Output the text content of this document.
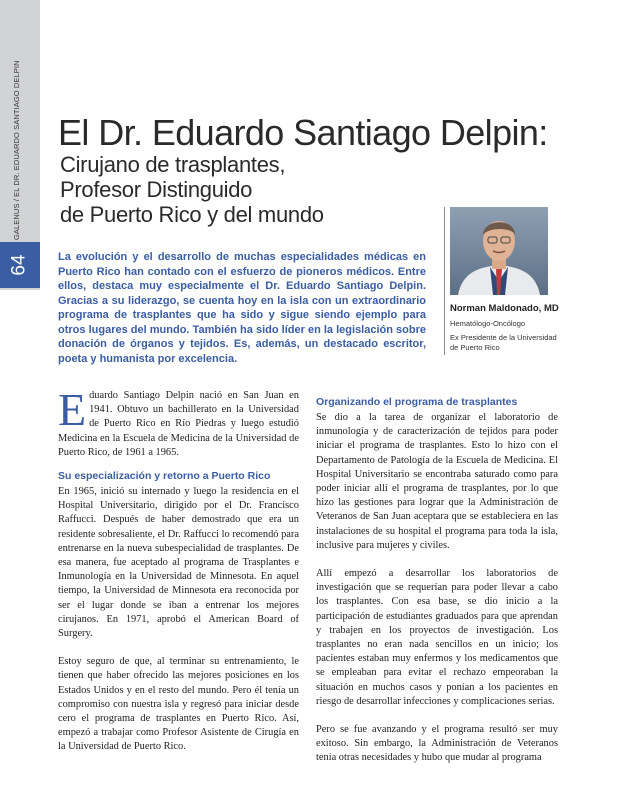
GALENUS / EL DR. EDUARDO SANTIAGO DELPIN
64
El Dr. Eduardo Santiago Delpin:
Cirujano de trasplantes,
Profesor Distinguido
de Puerto Rico y del mundo

La evolución y el desarrollo de muchas especialidades médicas en Puerto Rico han contado con el esfuerzo de pioneros médicos. Entre ellos, destaca muy especialmente el Dr. Eduardo Santiago Delpin. Gracias a su liderazgo, se cuenta hoy en la isla con un extraordinario programa de trasplantes que ha sido y sigue siendo ejemplo para otros lugares del mundo. También ha sido líder en la legislación sobre donación de órganos y tejidos. Es, además, un destacado escritor, poeta y humanista por excelencia.

Norman Maldonado, MD
Hematólogo-Oncólogo
Ex Presidente de la Universidad de Puerto Rico

Eduardo Santiago Delpin nació en San Juan en 1941. Obtuvo un bachillerato en la Universidad de Puerto Rico en Río Piedras y luego estudió Medicina en la Escuela de Medicina de la Universidad de Puerto Rico, de 1961 a 1965.

Su especialización y retorno a Puerto Rico

En 1965, inició su internado y luego la residencia en el Hospital Universitario, dirigido por el Dr. Francisco Raffucci. Después de haber demostrado que era un residente sobresaliente, el Dr. Raffucci lo recomendó para entrenarse en la nueva subespecialidad de trasplantes. De esa manera, fue aceptado al programa de Trasplantes e Inmunología en la Universidad de Minnesota. En aquel tiempo, la Universidad de Minnesota era reconocida por ser el lugar donde se iban a entrenar los mejores cirujanos. En 1971, aprobó el American Board of Surgery.

Estoy seguro de que, al terminar su entrenamiento, le tienen que haber ofrecido las mejores posiciones en los Estados Unidos y en el resto del mundo. Pero él tenía un compromiso con nuestra isla y regresó para iniciar desde cero el programa de trasplantes en Puerto Rico. Así, empezó a trabajar como Profesor Asistente de Cirugía en la Universidad de Puerto Rico.

Organizando el programa de trasplantes

Se dio a la tarea de organizar el laboratorio de inmunología y de caracterización de tejidos para poder iniciar el programa de trasplantes. Esto lo hizo con el Departamento de Patología de la Escuela de Medicina. El Hospital Universitario se encontraba saturado como para poder iniciar allí el programa de trasplantes, por lo que hizo las gestiones para lograr que la Administración de Veteranos de San Juan aceptara que se estableciera en las instalaciones de su hospital el programa para toda la isla, inclusive para mujeres y civiles.

Allí empezó a desarrollar los laboratorios de investigación que se requerían para poder llevar a cabo los trasplantes. Con esa base, se dio inicio a la participación de estudiantes graduados para que aprendan y trabajen en los proyectos de investigación. Los trasplantes no eran nada sencillos en un inicio; los pacientes estaban muy enfermos y los medicamentos que se empleaban para evitar el rechazo empeoraban la situación en muchos casos y ponían a los pacientes en riesgo de desarrollar infecciones y complicaciones serias.

Pero se fue avanzando y el programa resultó ser muy exitoso. Sin embargo, la Administración de Veteranos tenía otras necesidades y hubo que mudar al programa
